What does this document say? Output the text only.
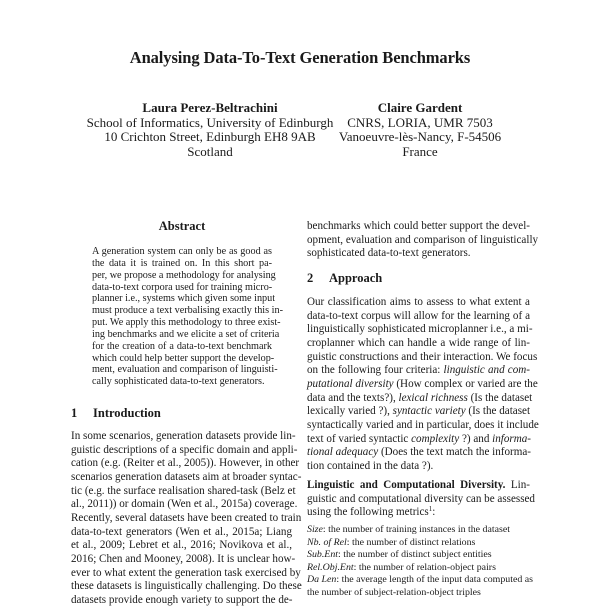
Analysing Data-To-Text Generation Benchmarks
Laura Perez-Beltrachini
School of Informatics, University of Edinburgh
10 Crichton Street, Edinburgh EH8 9AB
Scotland
Claire Gardent
CNRS, LORIA, UMR 7503
Vanoeuvre-lès-Nancy, F-54506
France
Abstract
A generation system can only be as good as
the data it is trained on. In this short pa-
per, we propose a methodology for analysing
data-to-text corpora used for training micro-
planner i.e., systems which given some input
must produce a text verbalising exactly this in-
put. We apply this methodology to three exist-
ing benchmarks and we elicite a set of criteria
for the creation of a data-to-text benchmark
which could help better support the develop-
ment, evaluation and comparison of linguisti-
cally sophisticated data-to-text generators.
1 Introduction
In some scenarios, generation datasets provide lin-
guistic descriptions of a specific domain and appli-
cation (e.g. (Reiter et al., 2005)). However, in other
scenarios generation datasets aim at broader syntac-
tic (e.g. the surface realisation shared-task (Belz et
al., 2011)) or domain (Wen et al., 2015a) coverage.
Recently, several datasets have been created to train
data-to-text generators (Wen et al., 2015a; Liang
et al., 2009; Lebret et al., 2016; Novikova et al.,
2016; Chen and Mooney, 2008). It is unclear how-
ever to what extent the generation task exercised by
these datasets is linguistically challenging. Do these
datasets provide enough variety to support the de-
benchmarks which could better support the devel-
opment, evaluation and comparison of linguistically
sophisticated data-to-text generators.
2 Approach
Our classification aims to assess to what extent a
data-to-text corpus will allow for the learning of a
linguistically sophisticated microplanner i.e., a mi-
croplanner which can handle a wide range of lin-
guistic constructions and their interaction. We focus
on the following four criteria: linguistic and com-
putational diversity (How complex or varied are the
data and the texts?), lexical richness (Is the dataset
lexically varied ?), syntactic variety (Is the dataset
syntactically varied and in particular, does it include
text of varied syntactic complexity ?) and informa-
tional adequacy (Does the text match the informa-
tion contained in the data ?).
Linguistic and Computational Diversity. Lin-
guistic and computational diversity can be assessed
using the following metrics$^1$:
Size: the number of training instances in the dataset
Nb. of Rel: the number of distinct relations
Sub.Ent: the number of distinct subject entities
Rel.Obj.Ent: the number of relation-object pairs
Da Len: the average length of the input data computed as
the number of subject-relation-object triples
